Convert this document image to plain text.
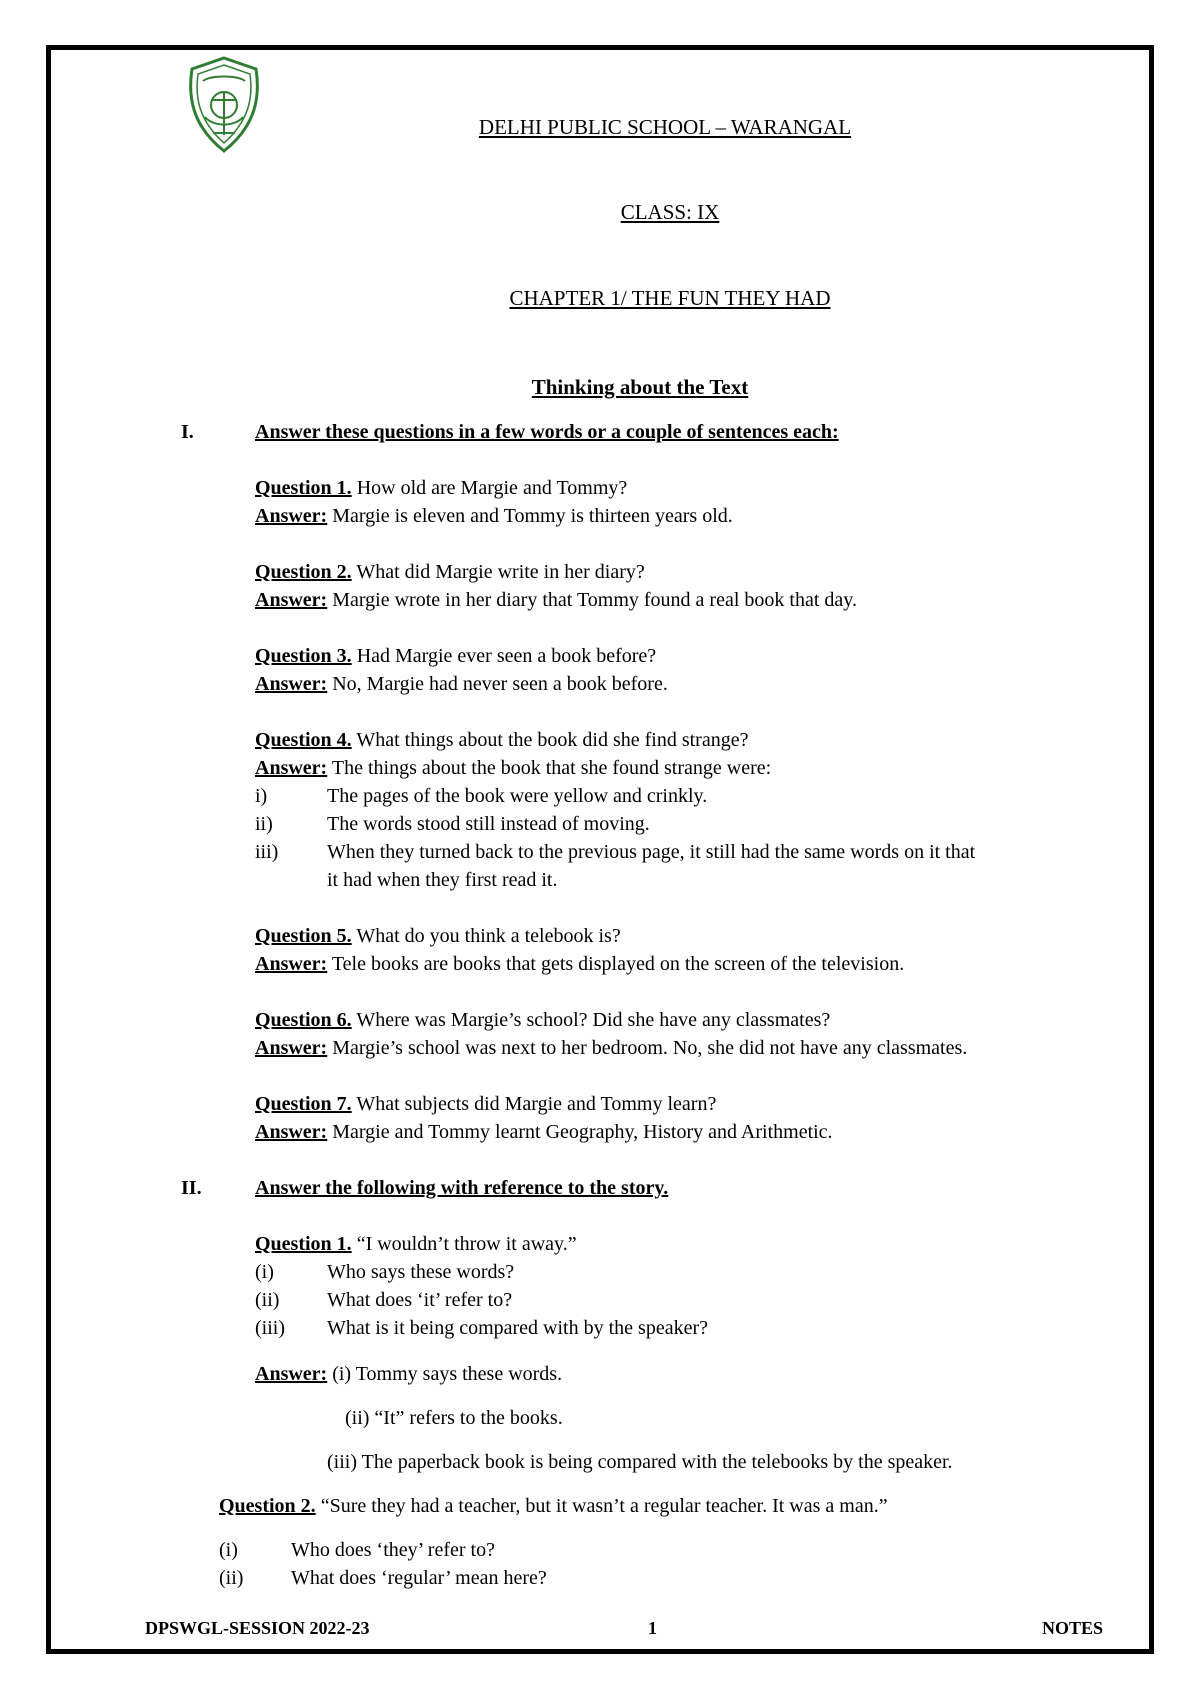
DELHI PUBLIC SCHOOL – WARANGAL
CLASS: IX
CHAPTER 1/ THE FUN THEY HAD
Thinking about the Text
I.	Answer these questions in a few words or a couple of sentences each:
Question 1. How old are Margie and Tommy?
Answer: Margie is eleven and Tommy is thirteen years old.
Question 2. What did Margie write in her diary?
Answer: Margie wrote in her diary that Tommy found a real book that day.
Question 3. Had Margie ever seen a book before?
Answer: No, Margie had never seen a book before.
Question 4. What things about the book did she find strange?
Answer: The things about the book that she found strange were:
i)	The pages of the book were yellow and crinkly.
ii)	The words stood still instead of moving.
iii) When they turned back to the previous page, it still had the same words on it that
it had when they first read it.
Question 5. What do you think a telebook is?
Answer: Tele books are books that gets displayed on the screen of the television.
Question 6. Where was Margie’s school? Did she have any classmates?
Answer: Margie’s school was next to her bedroom. No, she did not have any classmates.
Question 7. What subjects did Margie and Tommy learn?
Answer: Margie and Tommy learnt Geography, History and Arithmetic.
II.	Answer the following with reference to the story.
Question 1. “I wouldn’t throw it away.”
(i)	Who says these words?
(ii) What does ‘it’ refer to?
(iii) What is it being compared with by the speaker?
Answer: (i) Tommy says these words.
(ii) “It” refers to the books.
(iii) The paperback book is being compared with the telebooks by the speaker.
Question 2. “Sure they had a teacher, but it wasn’t a regular teacher. It was a man.”
(i)	Who does ‘they’ refer to?
(ii) What does ‘regular’ mean here?
DPSWGL-SESSION 2022-23	1	NOTES
